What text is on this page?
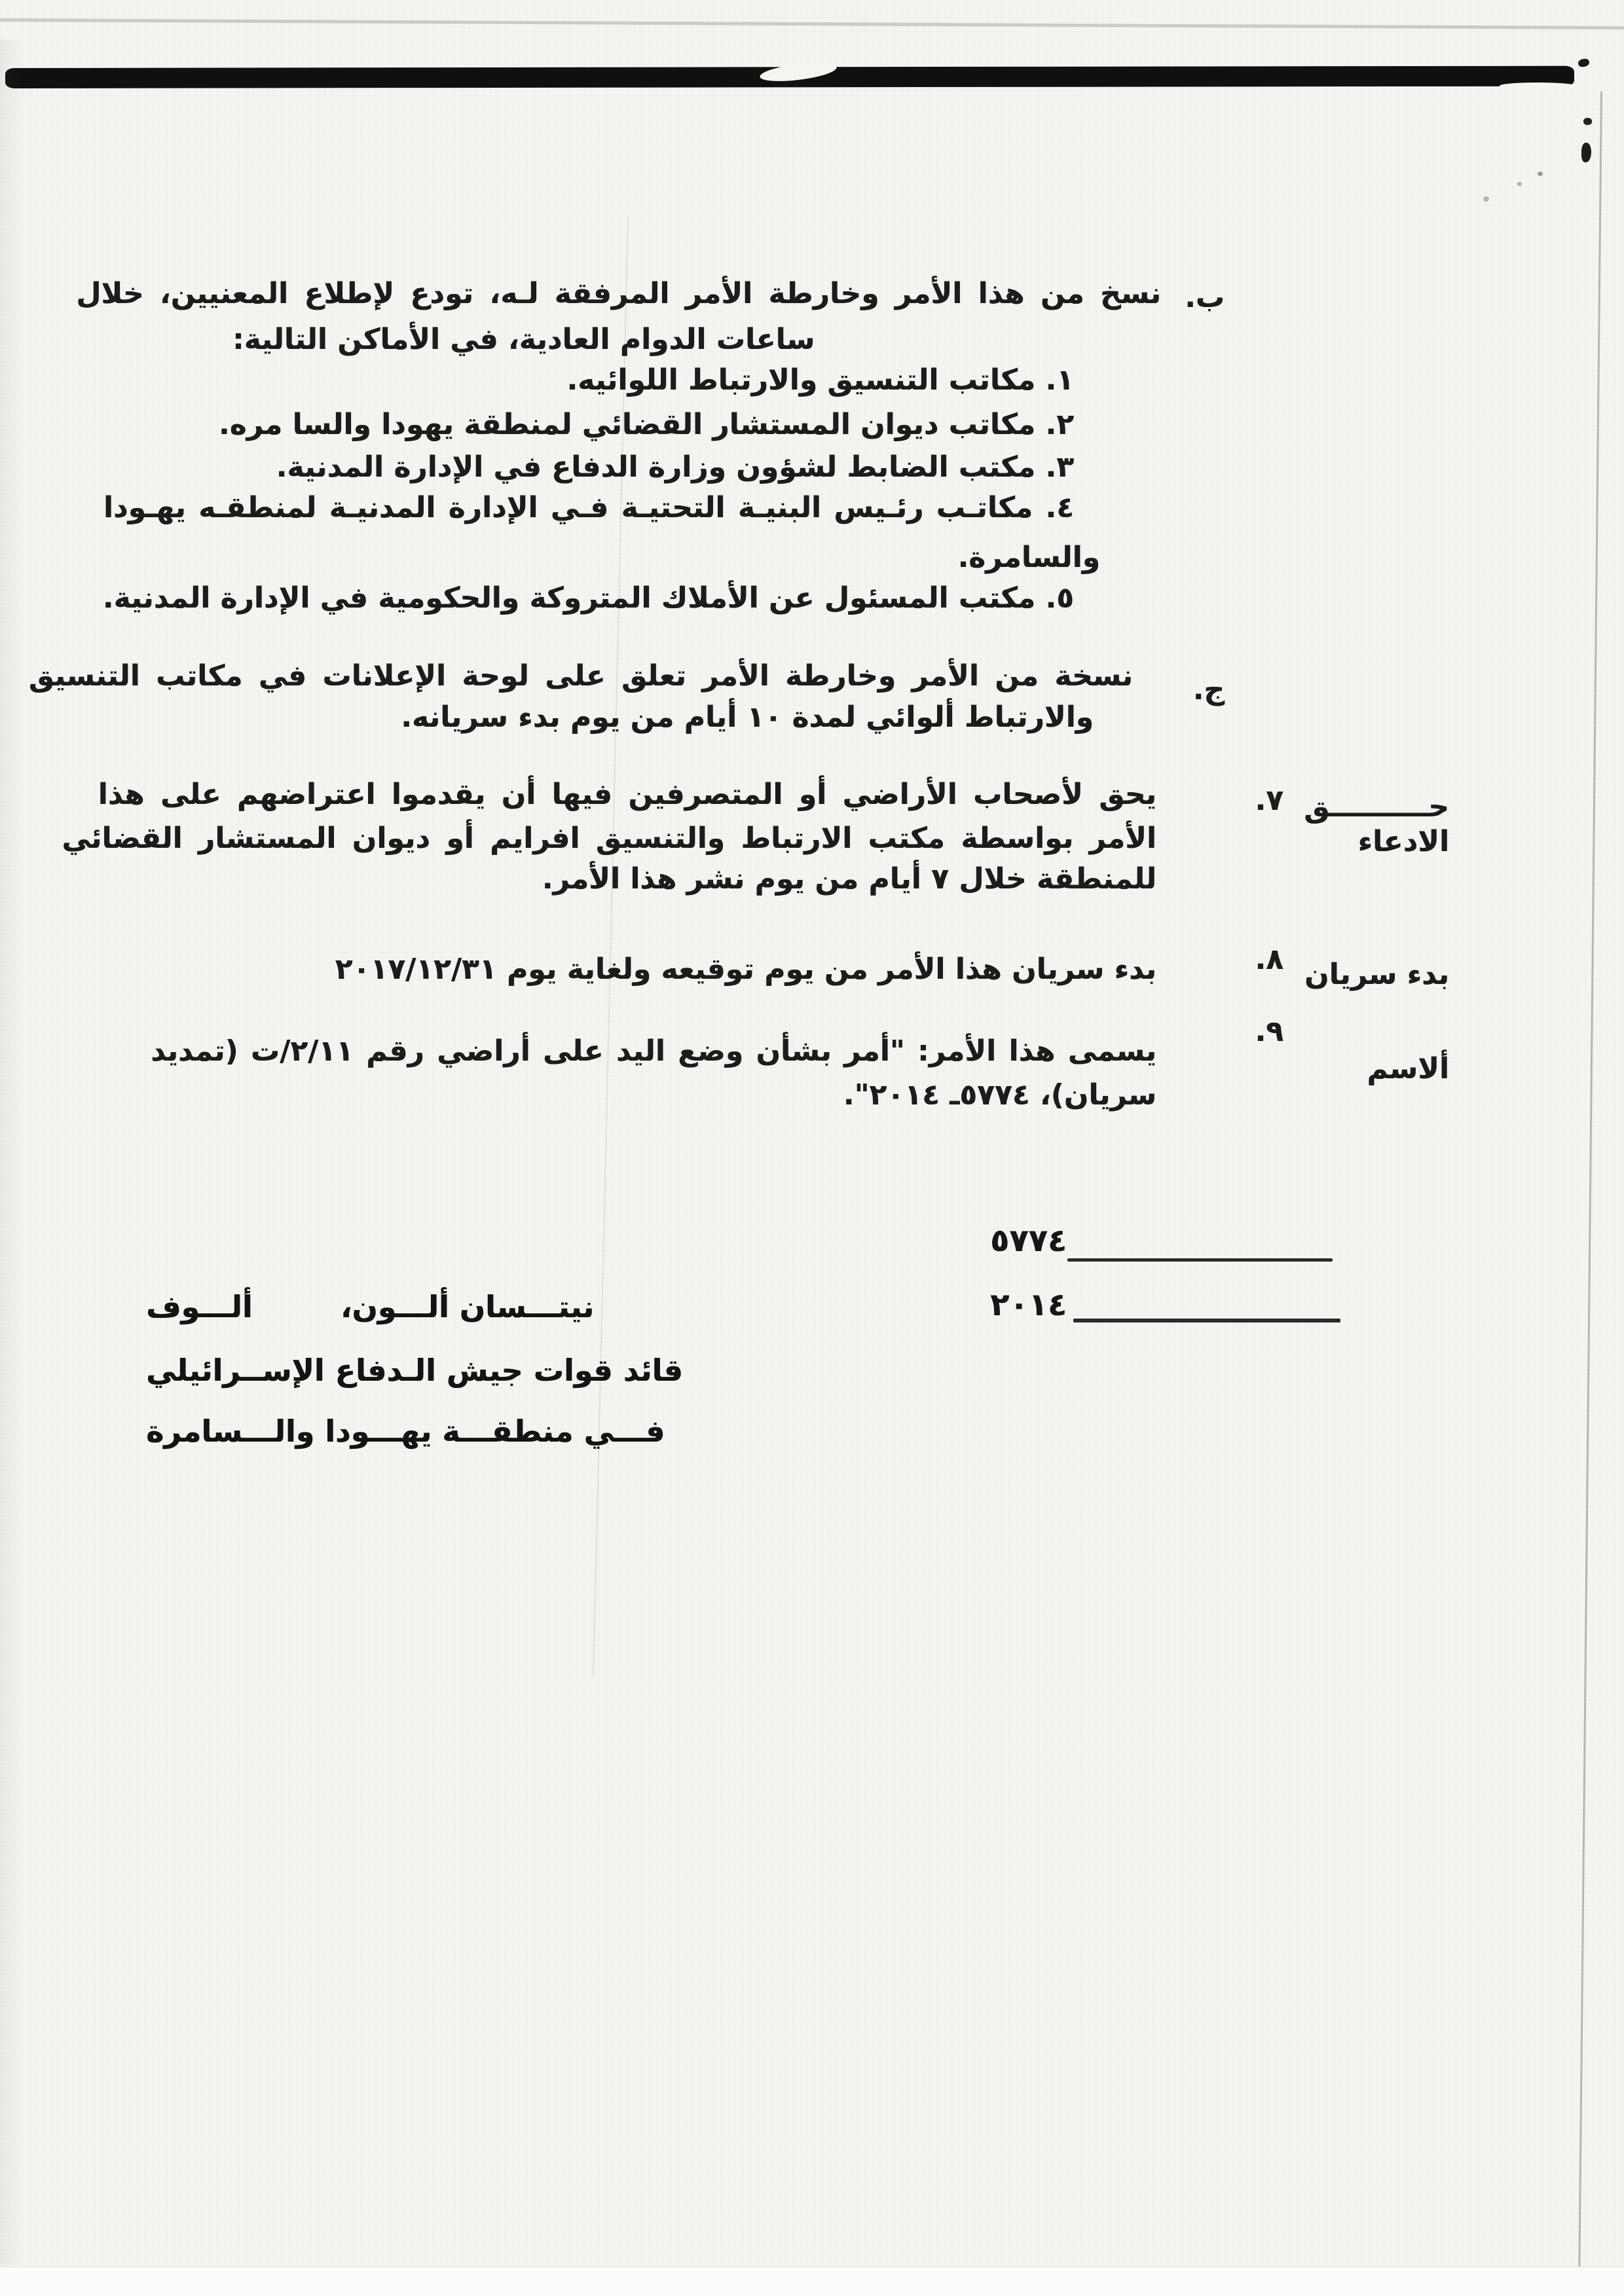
ب.
نسخ من هذا الأمر وخارطة الأمر المرفقة لـه، تودع لإطلاع المعنيين، خلال
ساعات الدوام العادية، في الأماكن التالية:
١. مكاتب التنسيق والارتباط اللوائيه.
٢. مكاتب ديوان المستشار القضائي لمنطقة يهودا والسا مره.
٣. مكتب الضابط لشؤون وزارة الدفاع في الإدارة المدنية.
٤. مكاتـب رئـيس البنيـة التحتيـة فـي الإدارة المدنيـة لمنطقـه يهـودا
والسامرة.
٥. مكتب المسئول عن الأملاك المتروكة والحكومية في الإدارة المدنية.
ج.
نسخة من الأمر وخارطة الأمر تعلق على لوحة الإعلانات في مكاتب التنسيق
والارتباط ألوائي لمدة ١٠ أيام من يوم بدء سريانه.
٧. حــــــــــق
الادعاء
يحق لأصحاب الأراضي أو المتصرفين فيها أن يقدموا اعتراضهم على هذا
الأمر بواسطة مكتب الارتباط والتنسيق افرايم أو ديوان المستشار القضائي
للمنطقة خلال ٧ أيام من يوم نشر هذا الأمر.
٨. بدء سريان
بدء سريان هذا الأمر من يوم توقيعه ولغاية يوم ٢٠١٧/١٢/٣١
٩.
ألاسم
يسمى هذا الأمر: "أمر بشأن وضع اليد على أراضي رقم ٢/١١/ت (تمديد
سريان)، ٥٧٧٤ـ ٢٠١٤".
٥٧٧٤
٢٠١٤
نيتـــسان ألـــون،
ألـــوف
قائد قوات جيش الـدفاع الإســرائيلي
فـــي منطقـــة يهـــودا والـــسامرة
